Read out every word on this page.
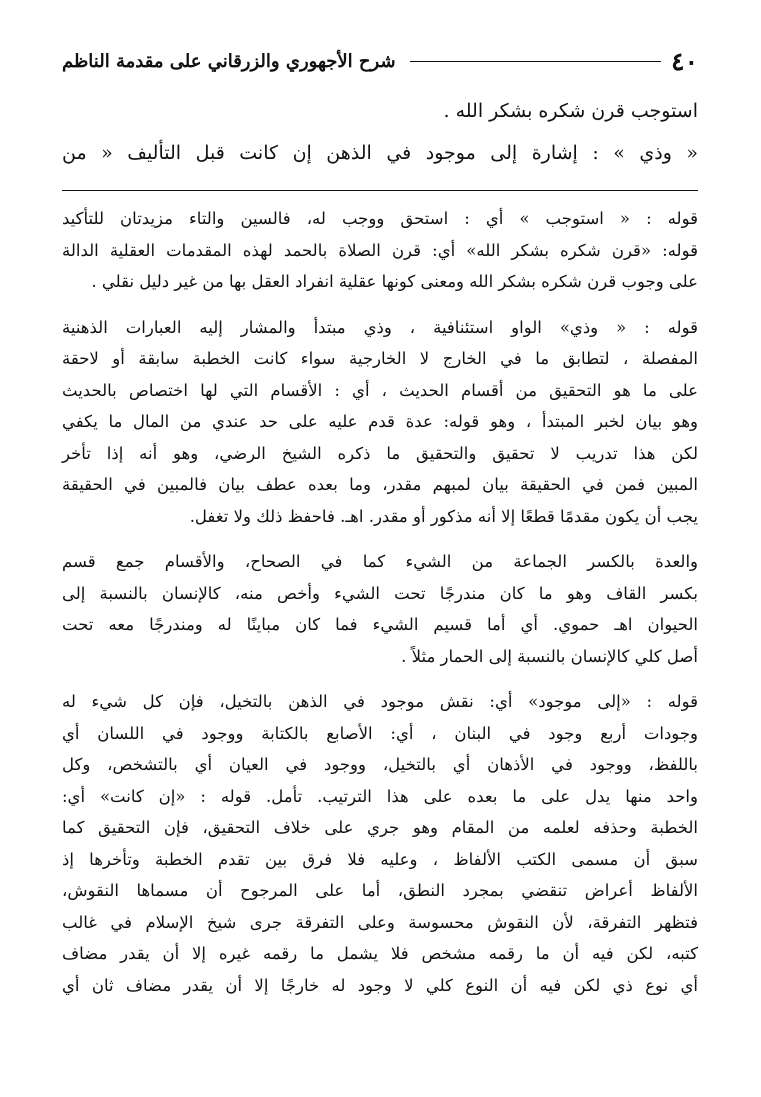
٤٠
شرح الأجهوري والزرقاني على مقدمة الناظم
استوجب قرن شكره بشكر الله .
« وذي » : إشارة إلى موجود في الذهن إن كانت قبل التأليف « من
قوله : « استوجب » أي : استحق ووجب له، فالسين والتاء مزيدتان للتأكيد
قوله: «قرن شكره بشكر الله» أي: قرن الصلاة بالحمد لهذه المقدمات العقلية الدالة
على وجوب قرن شكره بشكر الله ومعنى كونها عقلية انفراد العقل بها من غير دليل نقلي .
قوله : « وذي» الواو استئنافية ، وذي مبتدأ والمشار إليه العبارات الذهنية
المفصلة ، لتطابق ما في الخارج لا الخارجية سواء كانت الخطبة سابقة أو لاحقة
على ما هو التحقيق من أقسام الحديث ، أي : الأقسام التي لها اختصاص بالحديث
وهو بيان لخبر المبتدأ ، وهو قوله: عدة قدم عليه على حد عندي من المال ما يكفي
لكن هذا تدريب لا تحقيق والتحقيق ما ذكره الشيخ الرضي، وهو أنه إذا تأخر
المبين فمن في الحقيقة بيان لمبهم مقدر، وما بعده عطف بيان فالمبين في الحقيقة
يجب أن يكون مقدمًا قطعًا إلا أنه مذكور أو مقدر. اهـ. فاحفظ ذلك ولا تغفل.
والعدة بالكسر الجماعة من الشيء كما في الصحاح، والأقسام جمع قسم
بكسر القاف وهو ما كان مندرجًا تحت الشيء وأخص منه، كالإنسان بالنسبة إلى
الحيوان اهـ حموي. أي أما قسيم الشيء فما كان مباينًا له ومندرجًا معه تحت
أصل كلي كالإنسان بالنسبة إلى الحمار مثلاً .
قوله : «إلى موجود» أي: نقش موجود في الذهن بالتخيل، فإن كل شيء له
وجودات أربع وجود في البنان ، أي: الأصابع بالكتابة ووجود في اللسان أي
باللفظ، ووجود في الأذهان أي بالتخيل، ووجود في العيان أي بالتشخص، وكل
واحد منها يدل على ما بعده على هذا الترتيب. تأمل. قوله : «إن كانت» أي:
الخطبة وحذفه لعلمه من المقام وهو جري على خلاف التحقيق، فإن التحقيق كما
سبق أن مسمى الكتب الألفاظ ، وعليه فلا فرق بين تقدم الخطبة وتأخرها إذ
الألفاظ أعراض تنقضي بمجرد النطق، أما على المرجوح أن مسماها النقوش،
فتظهر التفرقة، لأن النقوش محسوسة وعلى التفرقة جرى شيخ الإسلام في غالب
كتبه، لكن فيه أن ما رقمه مشخص فلا يشمل ما رقمه غيره إلا أن يقدر مضاف
أي نوع ذي لكن فيه أن النوع كلي لا وجود له خارجًا إلا أن يقدر مضاف ثان أي
